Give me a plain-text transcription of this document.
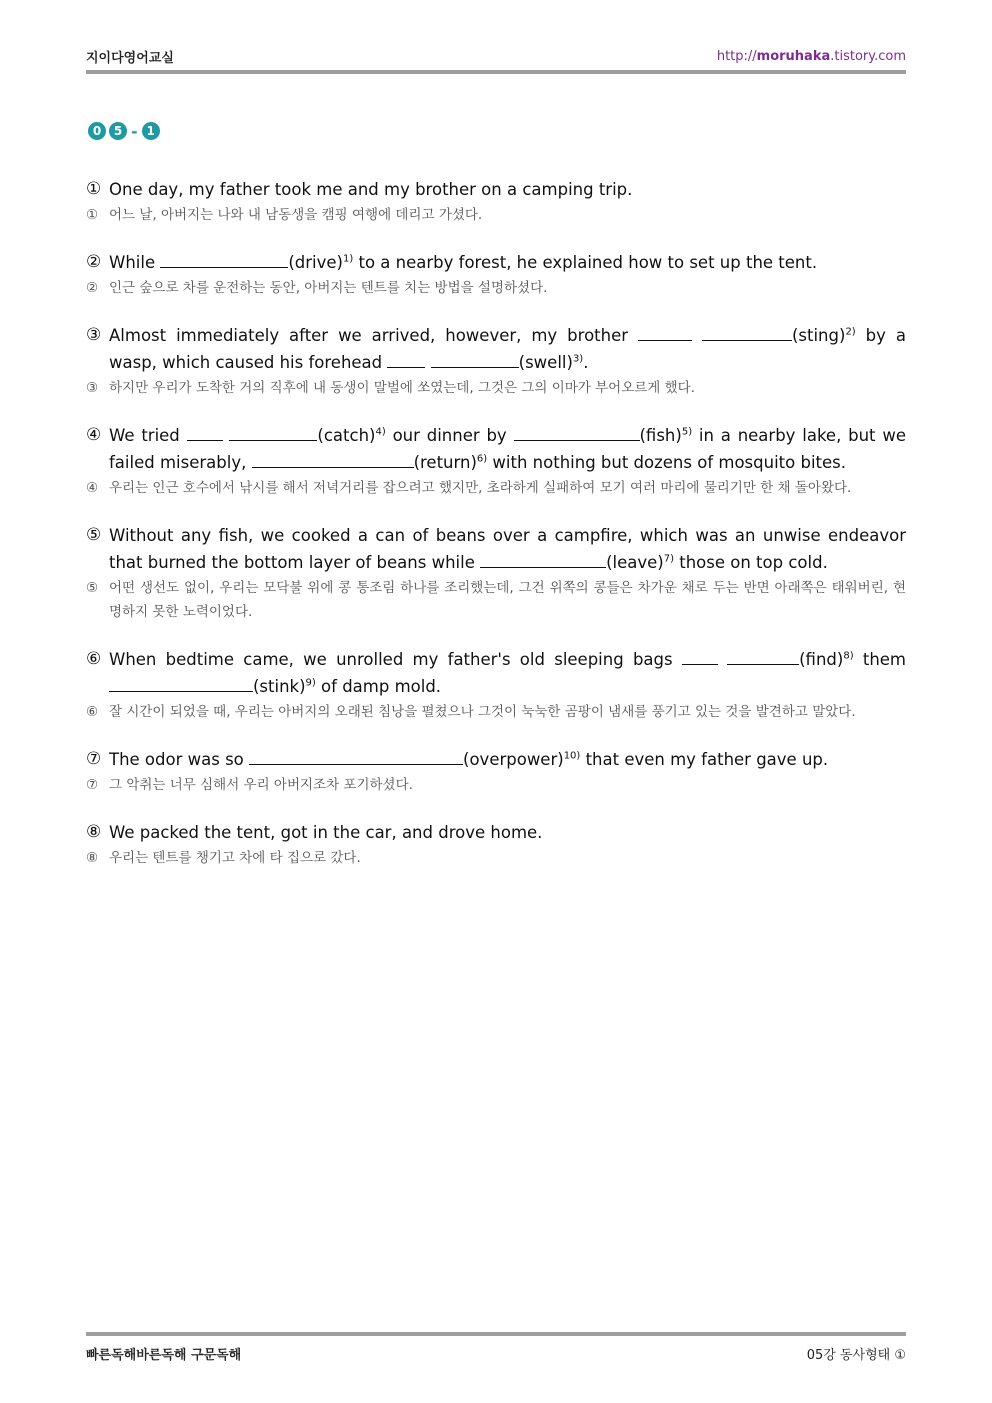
지이다영어교실	http://moruhaka.tistory.com
0	5 - 1
① One day, my father took me and my brother on a camping trip.
① 어느 날, 아버지는 나와 내 남동생을 캠핑 여행에 데리고 가셨다.
② While	(drive)$^{1)}$ to a nearby forest, he explained how to set up the tent.
② 인근 숲으로 차를 운전하는 동안, 아버지는 텐트를 치는 방법을 설명하셨다.
③ Almost immediately after we arrived, however, my brother	(sting)$^{2)}$ by a wasp, which caused his forehead	(swell)$^{3)}$.
③ 하지만 우리가 도착한 거의 직후에 내 동생이 말벌에 쏘였는데, 그것은 그의 이마가 부어오르게 했다.
④ We tried	(catch)$^{4)}$ our dinner by	(fish)$^{5)}$ in a nearby lake, but we failed miserably,	(return)$^{6)}$ with nothing but dozens of mosquito bites.
④ 우리는 인근 호수에서 낚시를 해서 저녁거리를 잡으려고 했지만, 초라하게 실패하여 모기 여러 마리에 물리기만 한 채 돌아왔다.
⑤ Without any fish, we cooked a can of beans over a campfire, which was an unwise endeavor that burned the bottom layer of beans while	(leave)$^{7)}$ those on top cold.
⑤ 어떤 생선도 없이, 우리는 모닥불 위에 콩 통조림 하나를 조리했는데, 그건 위쪽의 콩들은 차가운 채로 두는 반면 아래쪽은 태워버린, 현명하지 못한 노력이었다.
⑥ When bedtime came, we unrolled my father's old sleeping bags	(find)$^{8)}$ them (stink)$^{9)}$ of damp mold.
⑥ 잘 시간이 되었을 때, 우리는 아버지의 오래된 침낭을 펼쳤으나 그것이 눅눅한 곰팡이 냄새를 풍기고 있는 것을 발견하고 말았다.
⑦ The odor was so	(overpower)$^{10)}$ that even my father gave up.
⑦ 그 악취는 너무 심해서 우리 아버지조차 포기하셨다.
⑧ We packed the tent, got in the car, and drove home.
⑧ 우리는 텐트를 챙기고 차에 타 집으로 갔다.
빠른독해바른독해 구문독해	05강 동사형태 ①
